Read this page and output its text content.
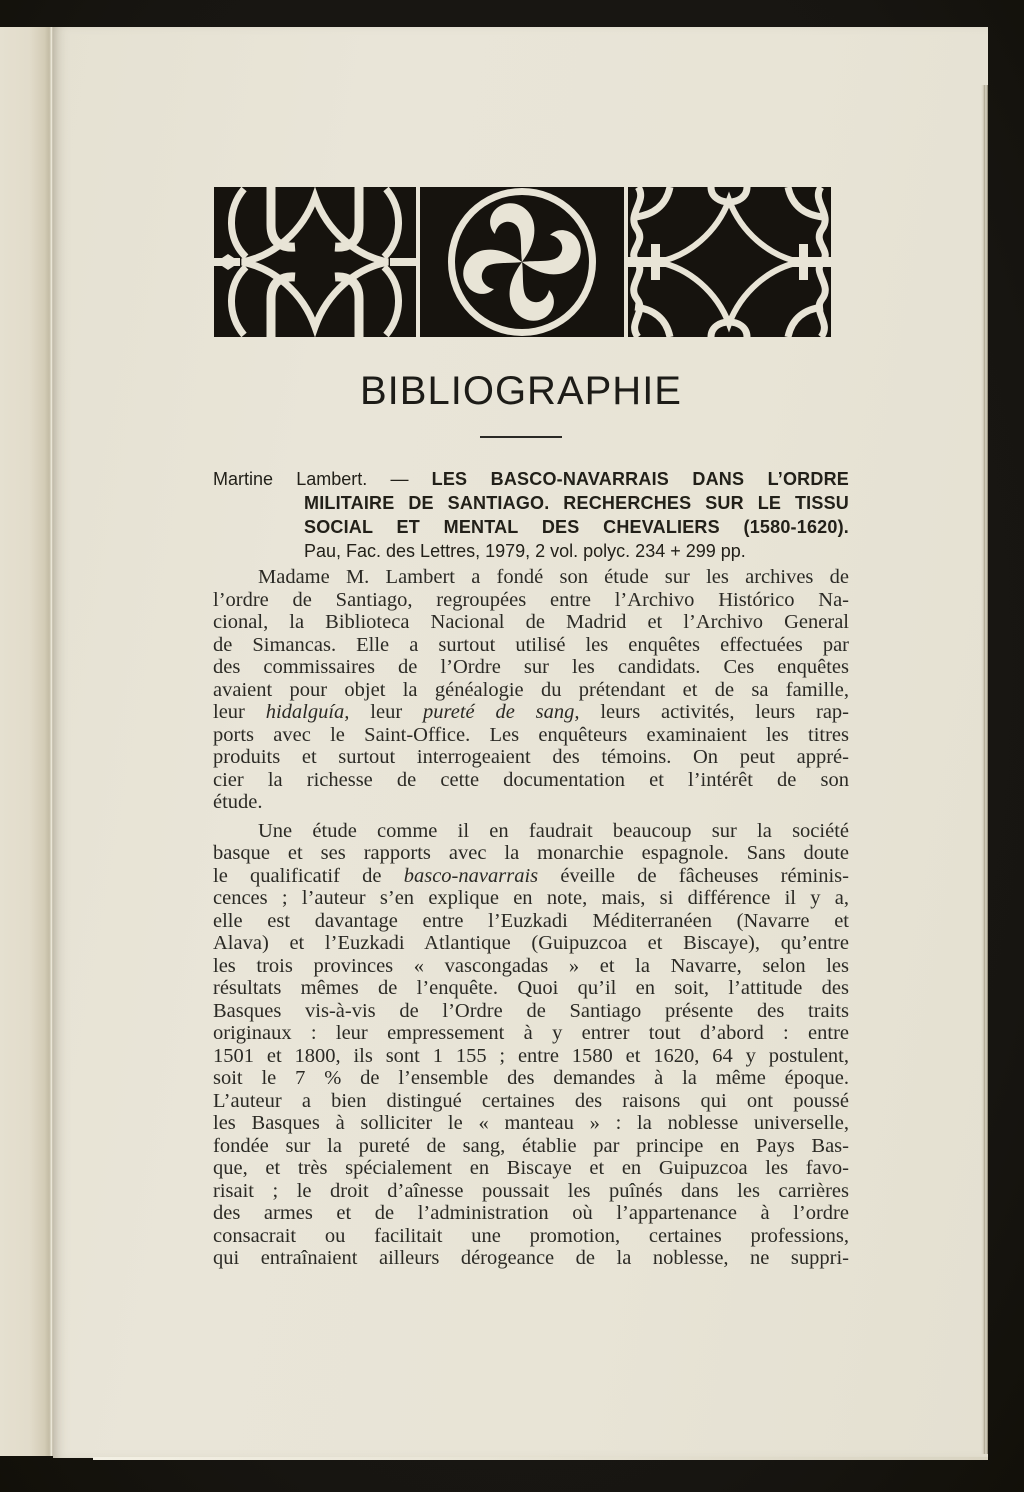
BIBLIOGRAPHIE
Martine Lambert. — LES BASCO-NAVARRAIS DANS L’ORDRE
MILITAIRE DE SANTIAGO. RECHERCHES SUR LE TISSU
SOCIAL ET MENTAL DES CHEVALIERS (1580-1620).
Pau, Fac. des Lettres, 1979, 2 vol. polyc. 234 + 299 pp.
Madame M. Lambert a fondé son étude sur les archives de
l’ordre de Santiago, regroupées entre l’Archivo Histórico Na-
cional, la Biblioteca Nacional de Madrid et l’Archivo General
de Simancas. Elle a surtout utilisé les enquêtes effectuées par
des commissaires de l’Ordre sur les candidats. Ces enquêtes
avaient pour objet la généalogie du prétendant et de sa famille,
leur hidalguía, leur pureté de sang, leurs activités, leurs rap-
ports avec le Saint-Office. Les enquêteurs examinaient les titres
produits et surtout interrogeaient des témoins. On peut appré-
cier la richesse de cette documentation et l’intérêt de son
étude.
Une étude comme il en faudrait beaucoup sur la société
basque et ses rapports avec la monarchie espagnole. Sans doute
le qualificatif de basco-navarrais éveille de fâcheuses réminis-
cences ; l’auteur s’en explique en note, mais, si différence il y a,
elle est davantage entre l’Euzkadi Méditerranéen (Navarre et
Alava) et l’Euzkadi Atlantique (Guipuzcoa et Biscaye), qu’entre
les trois provinces « vascongadas » et la Navarre, selon les
résultats mêmes de l’enquête. Quoi qu’il en soit, l’attitude des
Basques vis-à-vis de l’Ordre de Santiago présente des traits
originaux : leur empressement à y entrer tout d’abord : entre
1501 et 1800, ils sont 1 155 ; entre 1580 et 1620, 64 y postulent,
soit le 7 % de l’ensemble des demandes à la même époque.
L’auteur a bien distingué certaines des raisons qui ont poussé
les Basques à solliciter le « manteau » : la noblesse universelle,
fondée sur la pureté de sang, établie par principe en Pays Bas-
que, et très spécialement en Biscaye et en Guipuzcoa les favo-
risait ; le droit d’aînesse poussait les puînés dans les carrières
des armes et de l’administration où l’appartenance à l’ordre
consacrait ou facilitait une promotion, certaines professions,
qui entraînaient ailleurs dérogeance de la noblesse, ne suppri-
